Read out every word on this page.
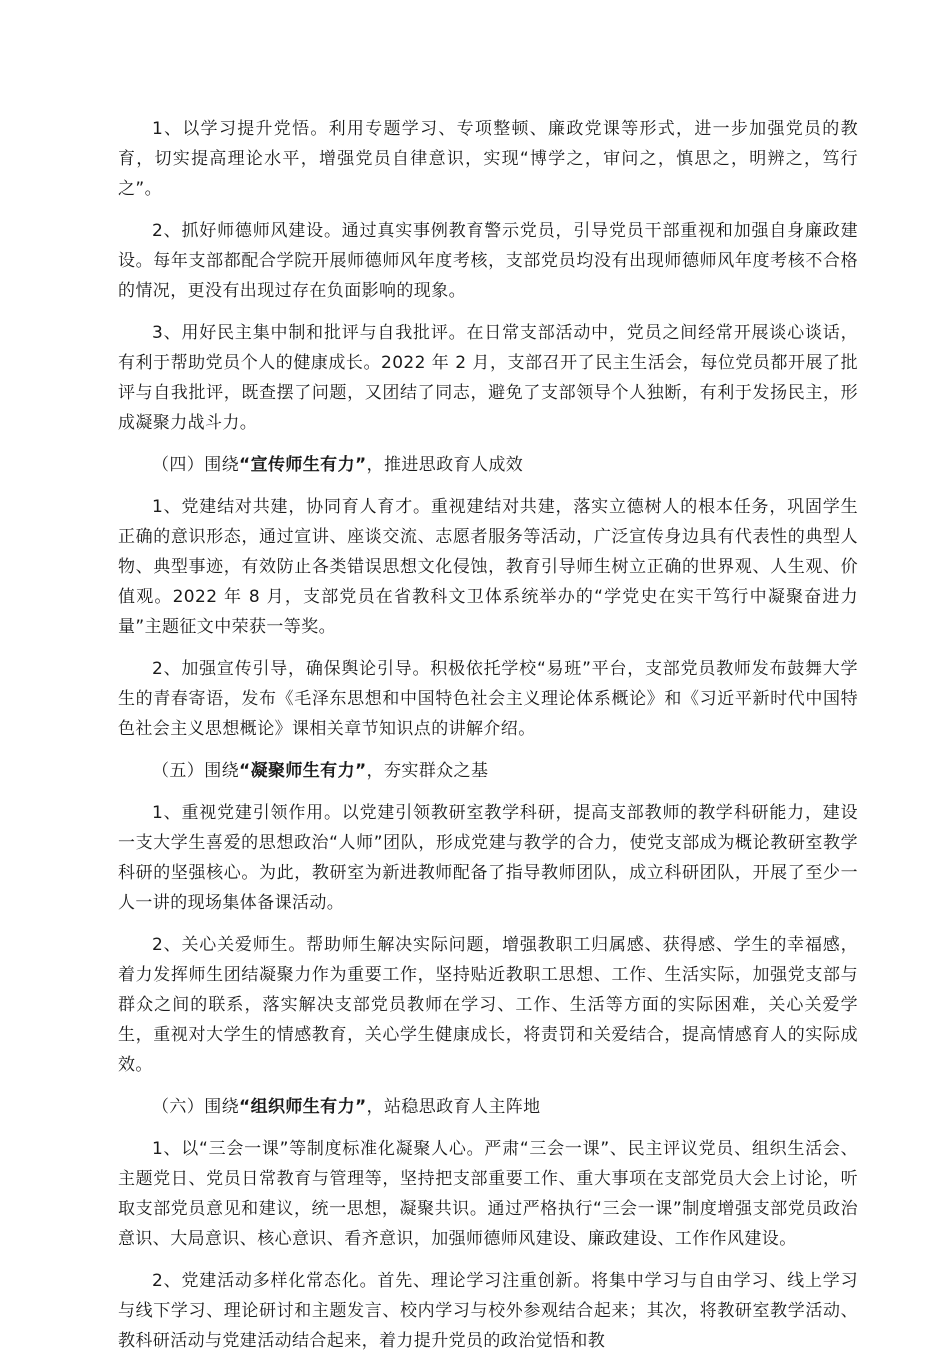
1、以学习提升党悟。利用专题学习、专项整顿、廉政党课等形式，进一步加强党员的教育，切实提高理论水平，增强党员自律意识，实现“博学之，审问之，慎思之，明辨之，笃行之”。

2、抓好师德师风建设。通过真实事例教育警示党员，引导党员干部重视和加强自身廉政建设。每年支部都配合学院开展师德师风年度考核，支部党员均没有出现师德师风年度考核不合格的情况，更没有出现过存在负面影响的现象。

3、用好民主集中制和批评与自我批评。在日常支部活动中，党员之间经常开展谈心谈话，有利于帮助党员个人的健康成长。2022 年 2 月，支部召开了民主生活会，每位党员都开展了批评与自我批评，既查摆了问题，又团结了同志，避免了支部领导个人独断，有利于发扬民主，形成凝聚力战斗力。

（四）围绕“宣传师生有力”，推进思政育人成效

1、党建结对共建，协同育人育才。重视建结对共建，落实立德树人的根本任务，巩固学生正确的意识形态，通过宣讲、座谈交流、志愿者服务等活动，广泛宣传身边具有代表性的典型人物、典型事迹，有效防止各类错误思想文化侵蚀，教育引导师生树立正确的世界观、人生观、价值观。2022 年 8 月，支部党员在省教科文卫体系统举办的“学党史在实干笃行中凝聚奋进力量”主题征文中荣获一等奖。

2、加强宣传引导，确保舆论引导。积极依托学校“易班”平台，支部党员教师发布鼓舞大学生的青春寄语，发布《毛泽东思想和中国特色社会主义理论体系概论》和《习近平新时代中国特色社会主义思想概论》课相关章节知识点的讲解介绍。

（五）围绕“凝聚师生有力”，夯实群众之基

1、重视党建引领作用。以党建引领教研室教学科研，提高支部教师的教学科研能力，建设一支大学生喜爱的思想政治“人师”团队，形成党建与教学的合力，使党支部成为概论教研室教学科研的坚强核心。为此，教研室为新进教师配备了指导教师团队，成立科研团队，开展了至少一人一讲的现场集体备课活动。

2、关心关爱师生。帮助师生解决实际问题，增强教职工归属感、获得感、学生的幸福感，着力发挥师生团结凝聚力作为重要工作，坚持贴近教职工思想、工作、生活实际，加强党支部与群众之间的联系，落实解决支部党员教师在学习、工作、生活等方面的实际困难，关心关爱学生，重视对大学生的情感教育，关心学生健康成长，将责罚和关爱结合，提高情感育人的实际成效。

（六）围绕“组织师生有力”，站稳思政育人主阵地

1、以“三会一课”等制度标准化凝聚人心。严肃“三会一课”、民主评议党员、组织生活会、主题党日、党员日常教育与管理等，坚持把支部重要工作、重大事项在支部党员大会上讨论，听取支部党员意见和建议，统一思想，凝聚共识。通过严格执行“三会一课”制度增强支部党员政治意识、大局意识、核心意识、看齐意识，加强师德师风建设、廉政建设、工作作风建设。

2、党建活动多样化常态化。首先、理论学习注重创新。将集中学习与自由学习、线上学习与线下学习、理论研讨和主题发言、校内学习与校外参观结合起来；其次，将教研室教学活动、教科研活动与党建活动结合起来，着力提升党员的政治觉悟和教
